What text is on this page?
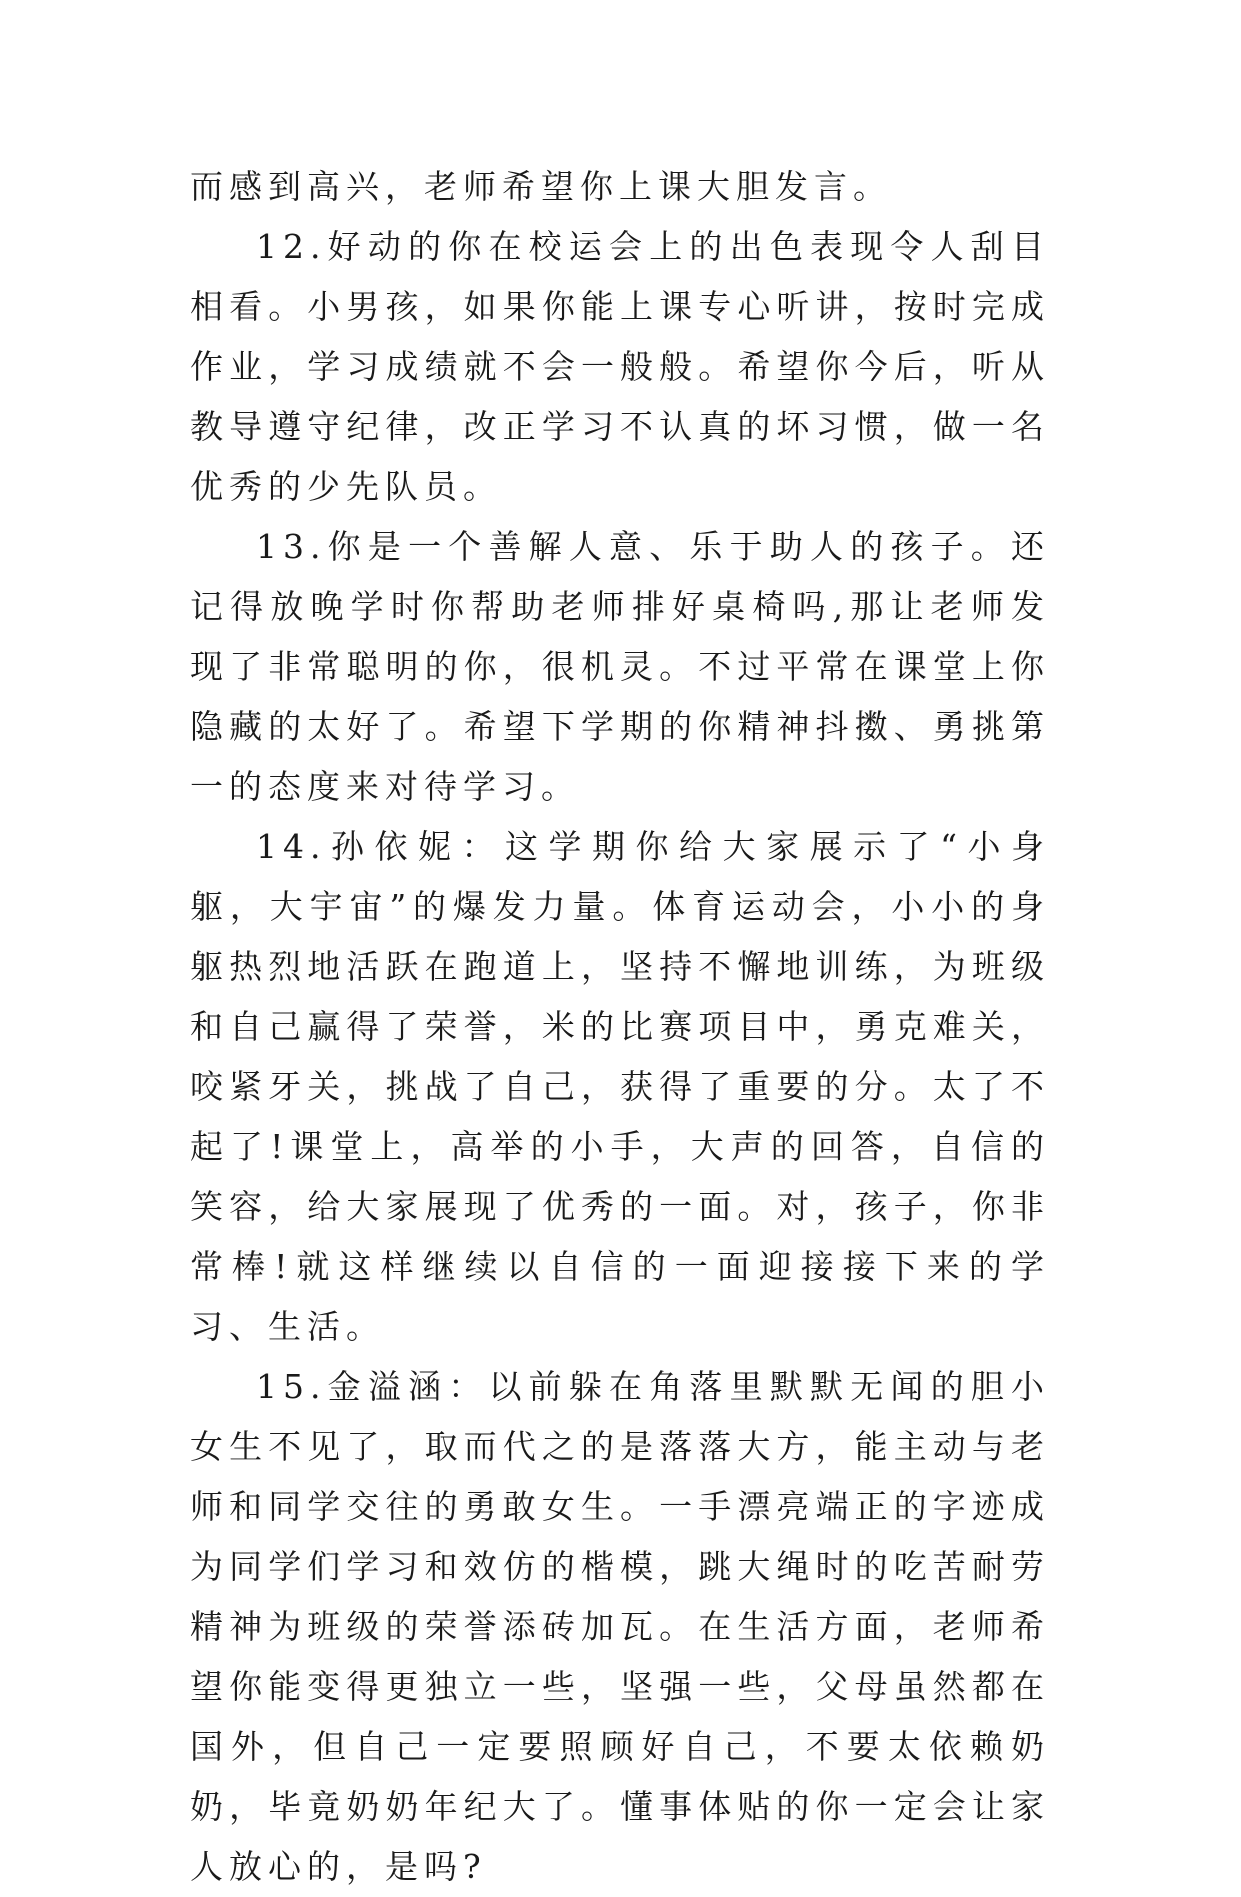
而感到高兴，老师希望你上课大胆发言。

12.好动的你在校运会上的出色表现令人刮目相看。小男孩，如果你能上课专心听讲，按时完成作业，学习成绩就不会一般般。希望你今后，听从教导遵守纪律，改正学习不认真的坏习惯，做一名优秀的少先队员。

13.你是一个善解人意、乐于助人的孩子。还记得放晚学时你帮助老师排好桌椅吗,那让老师发现了非常聪明的你，很机灵。不过平常在课堂上你隐藏的太好了。希望下学期的你精神抖擞、勇挑第一的态度来对待学习。

14.孙依妮：这学期你给大家展示了“小身躯，大宇宙”的爆发力量。体育运动会，小小的身躯热烈地活跃在跑道上，坚持不懈地训练，为班级和自己赢得了荣誉，米的比赛项目中，勇克难关，咬紧牙关，挑战了自己，获得了重要的分。太了不起了!课堂上，高举的小手，大声的回答，自信的笑容，给大家展现了优秀的一面。对，孩子，你非常棒!就这样继续以自信的一面迎接接下来的学习、生活。

15.金溢涵：以前躲在角落里默默无闻的胆小女生不见了，取而代之的是落落大方，能主动与老师和同学交往的勇敢女生。一手漂亮端正的字迹成为同学们学习和效仿的楷模，跳大绳时的吃苦耐劳精神为班级的荣誉添砖加瓦。在生活方面，老师希望你能变得更独立一些，坚强一些，父母虽然都在国外，但自己一定要照顾好自己，不要太依赖奶奶，毕竟奶奶年纪大了。懂事体贴的你一定会让家人放心的，是吗?
